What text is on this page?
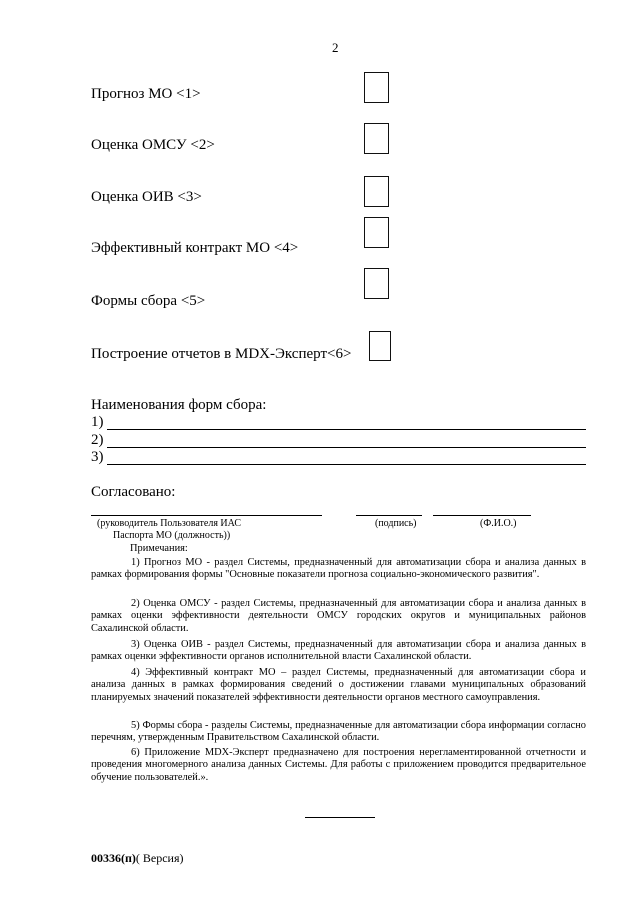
2
Прогноз МО <1>
Оценка ОМСУ <2>
Оценка ОИВ <3>
Эффективный контракт МО <4>
Формы сбора <5>
Построение отчетов в MDX-Эксперт<6>
Наименования форм сбора:
1)
2)
3)
Согласовано:
(руководитель Пользователя ИАС
Паспорта МО (должность))
(подпись)	(Ф.И.О.)
Примечания:

1) Прогноз МО - раздел Системы, предназначенный для автоматизации сбора и анализа данных в рамках формирования формы "Основные показатели прогноза социально-экономического развития".

2) Оценка ОМСУ - раздел Системы, предназначенный для автоматизации сбора и анализа данных в рамках оценки эффективности деятельности ОМСУ городских округов и муниципальных районов Сахалинской области.

3) Оценка ОИВ - раздел Системы, предназначенный для автоматизации сбора и анализа данных в рамках оценки эффективности органов исполнительной власти Сахалинской области.

4) Эффективный контракт МО – раздел Системы, предназначенный для автоматизации сбора и анализа данных в рамках формирования сведений о достижении главами муниципальных образований планируемых значений показателей эффективности деятельности органов местного самоуправления.

5) Формы сбора - разделы Системы, предназначенные для автоматизации сбора информации согласно перечням, утвержденным Правительством Сахалинской области.

6) Приложение MDX-Эксперт предназначено для построения нерегламентированной отчетности и проведения многомерного анализа данных Системы. Для работы с приложением проводится предварительное обучение пользователей.».

00336(п)( Версия)
